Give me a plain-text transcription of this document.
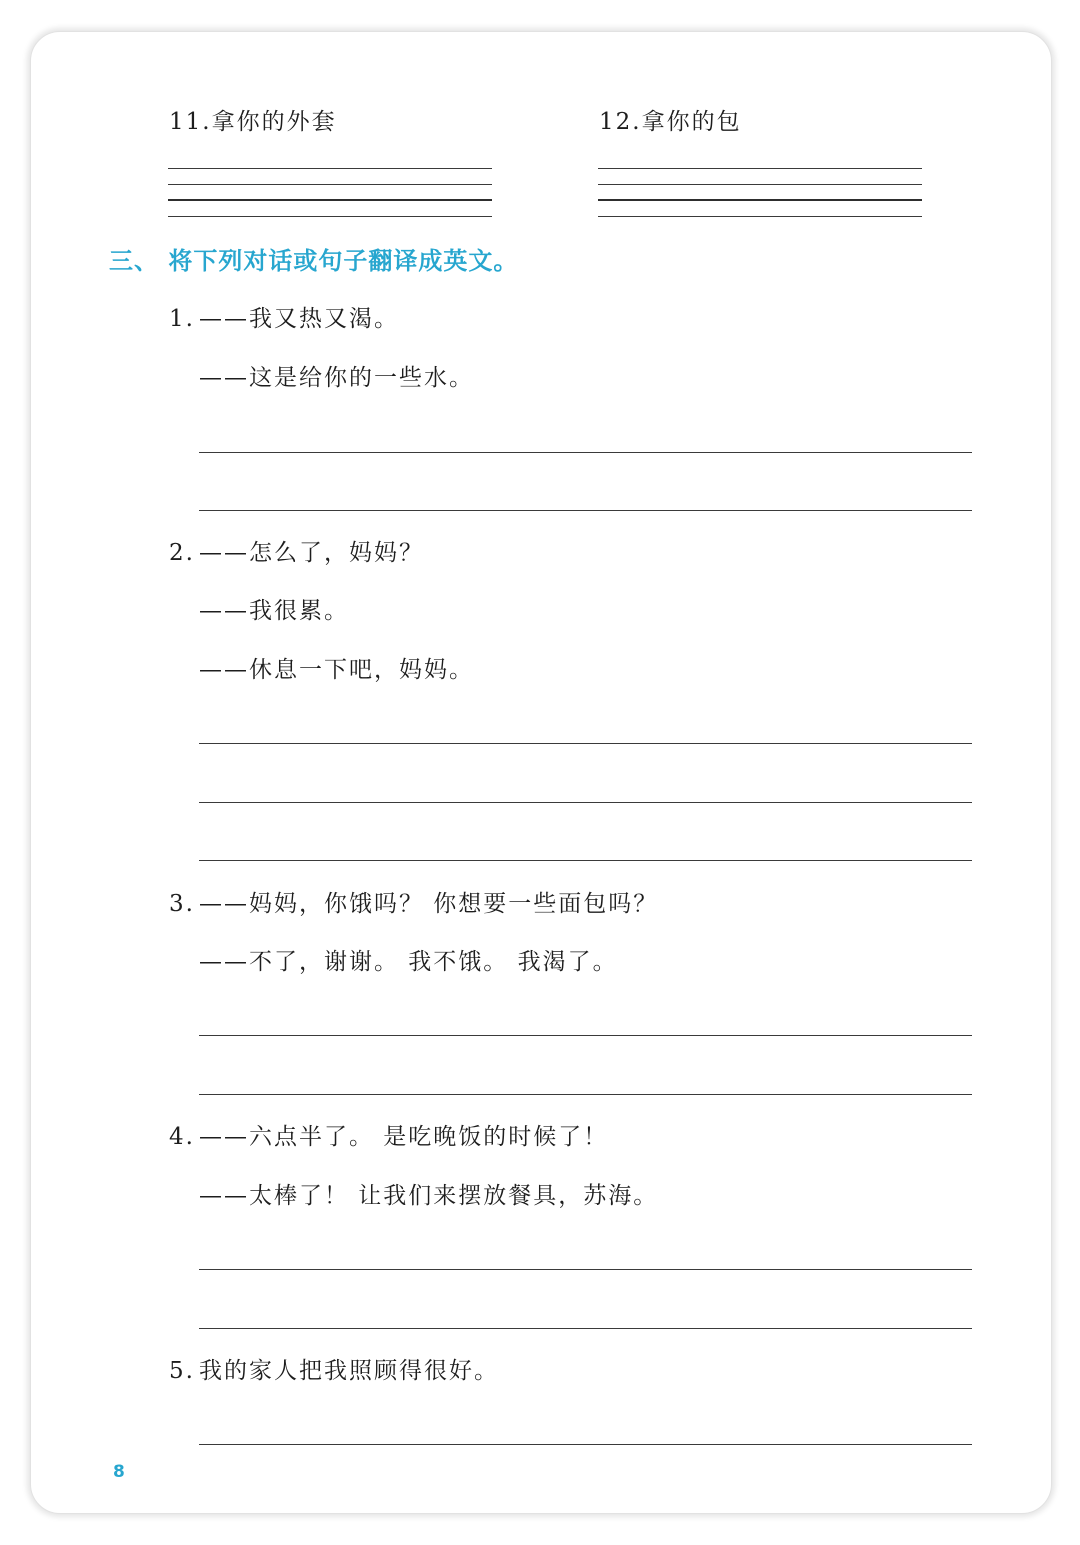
11.拿你的外套	12.拿你的包
三、 将下列对话或句子翻译成英文。
1. ——我又热又渴。
——这是给你的一些水。
2. ——怎么了，妈妈？
——我很累。
——休息一下吧，妈妈。
3. ——妈妈，你饿吗？ 你想要一些面包吗？
——不了，谢谢。 我不饿。 我渴了。
4. ——六点半了。 是吃晚饭的时候了！
——太棒了！ 让我们来摆放餐具，苏海。
5. 我的家人把我照顾得很好。
8
